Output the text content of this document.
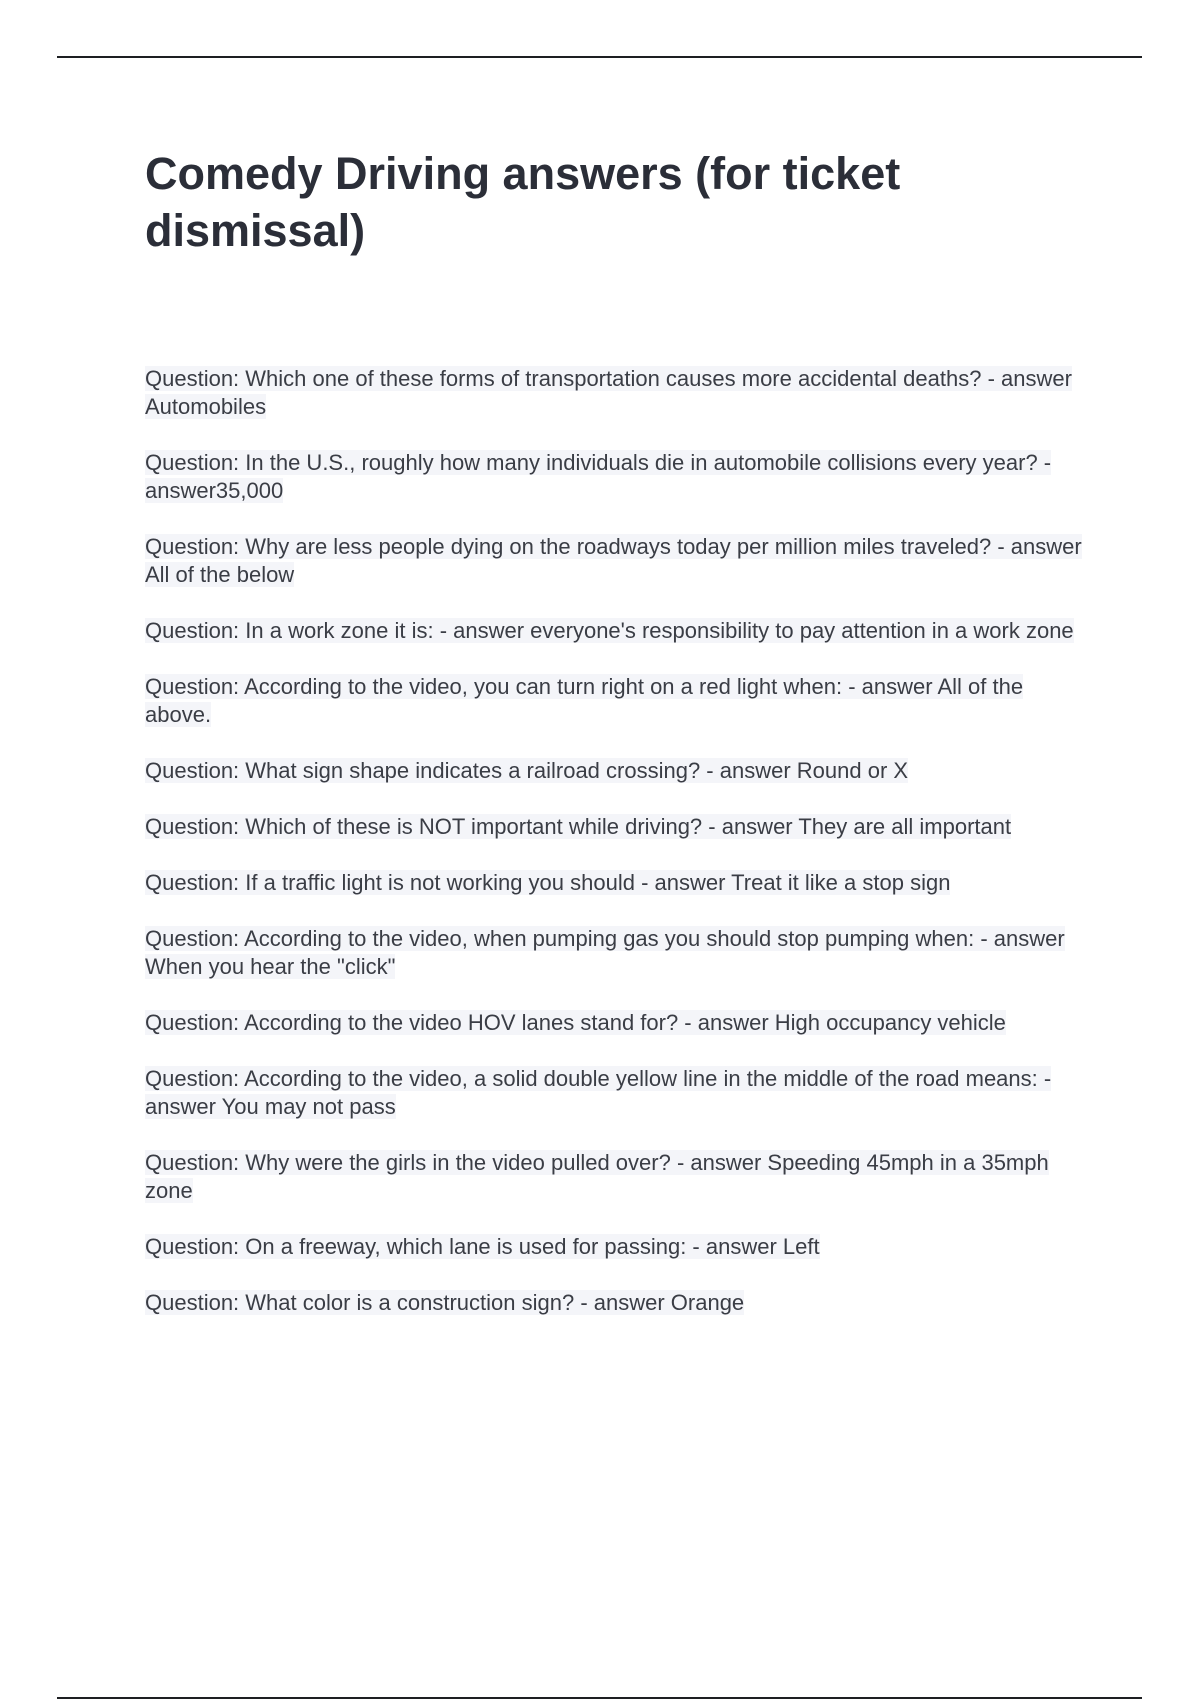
Comedy Driving answers (for ticket dismissal)
Question: Which one of these forms of transportation causes more accidental deaths? - answer Automobiles
Question: In the U.S., roughly how many individuals die in automobile collisions every year? - answer35,000
Question: Why are less people dying on the roadways today per million miles traveled? - answer All of the below
Question: In a work zone it is: - answer everyone's responsibility to pay attention in a work zone
Question: According to the video, you can turn right on a red light when: - answer All of the above.
Question: What sign shape indicates a railroad crossing? - answer Round or X
Question: Which of these is NOT important while driving? - answer They are all important
Question: If a traffic light is not working you should - answer Treat it like a stop sign
Question: According to the video, when pumping gas you should stop pumping when: - answer When you hear the "click"
Question: According to the video HOV lanes stand for? - answer High occupancy vehicle
Question: According to the video, a solid double yellow line in the middle of the road means: - answer You may not pass
Question: Why were the girls in the video pulled over? - answer Speeding 45mph in a 35mph zone
Question: On a freeway, which lane is used for passing: - answer Left
Question: What color is a construction sign? - answer Orange
